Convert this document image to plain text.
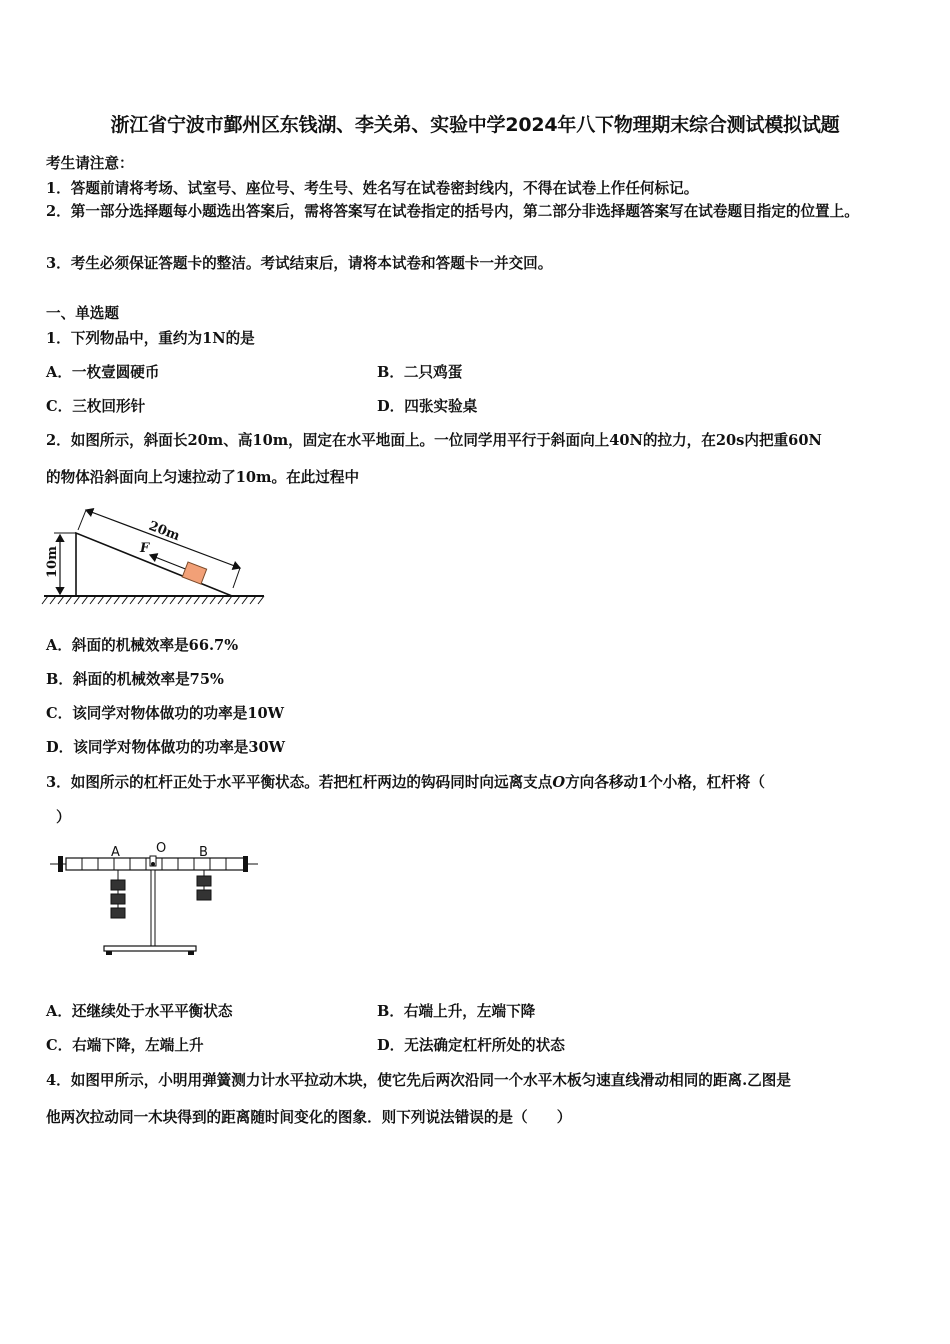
浙江省宁波市鄞州区东钱湖、李关弟、实验中学2024年八下物理期末综合测试模拟试题
考生请注意：
1．答题前请将考场、试室号、座位号、考生号、姓名写在试卷密封线内，不得在试卷上作任何标记。
2．第一部分选择题每小题选出答案后，需将答案写在试卷指定的括号内，第二部分非选择题答案写在试卷题目指定的位置上。
3．考生必须保证答题卡的整洁。考试结束后，请将本试卷和答题卡一并交回。
一、单选题
1．下列物品中，重约为1N的是
A．一枚壹圆硬币	B．二只鸡蛋
C．三枚回形针	D．四张实验桌
2．如图所示，斜面长20m、高10m，固定在水平地面上。一位同学用平行于斜面向上40N的拉力，在20s内把重60N
的物体沿斜面向上匀速拉动了10m。在此过程中
10m
20m
F
A．斜面的机械效率是66.7%
B．斜面的机械效率是75%
C．该同学对物体做功的功率是10W
D．该同学对物体做功的功率是30W
3．如图所示的杠杆正处于水平平衡状态。若把杠杆两边的钩码同时向远离支点O方向各移动1个小格，杠杆将（
）
A	O	B
A．还继续处于水平平衡状态	B．右端上升，左端下降
C．右端下降，左端上升	D．无法确定杠杆所处的状态
4．如图甲所示，小明用弹簧测力计水平拉动木块，使它先后两次沿同一个水平木板匀速直线滑动相同的距离.乙图是
他两次拉动同一木块得到的距离随时间变化的图象．则下列说法错误的是（　　）
